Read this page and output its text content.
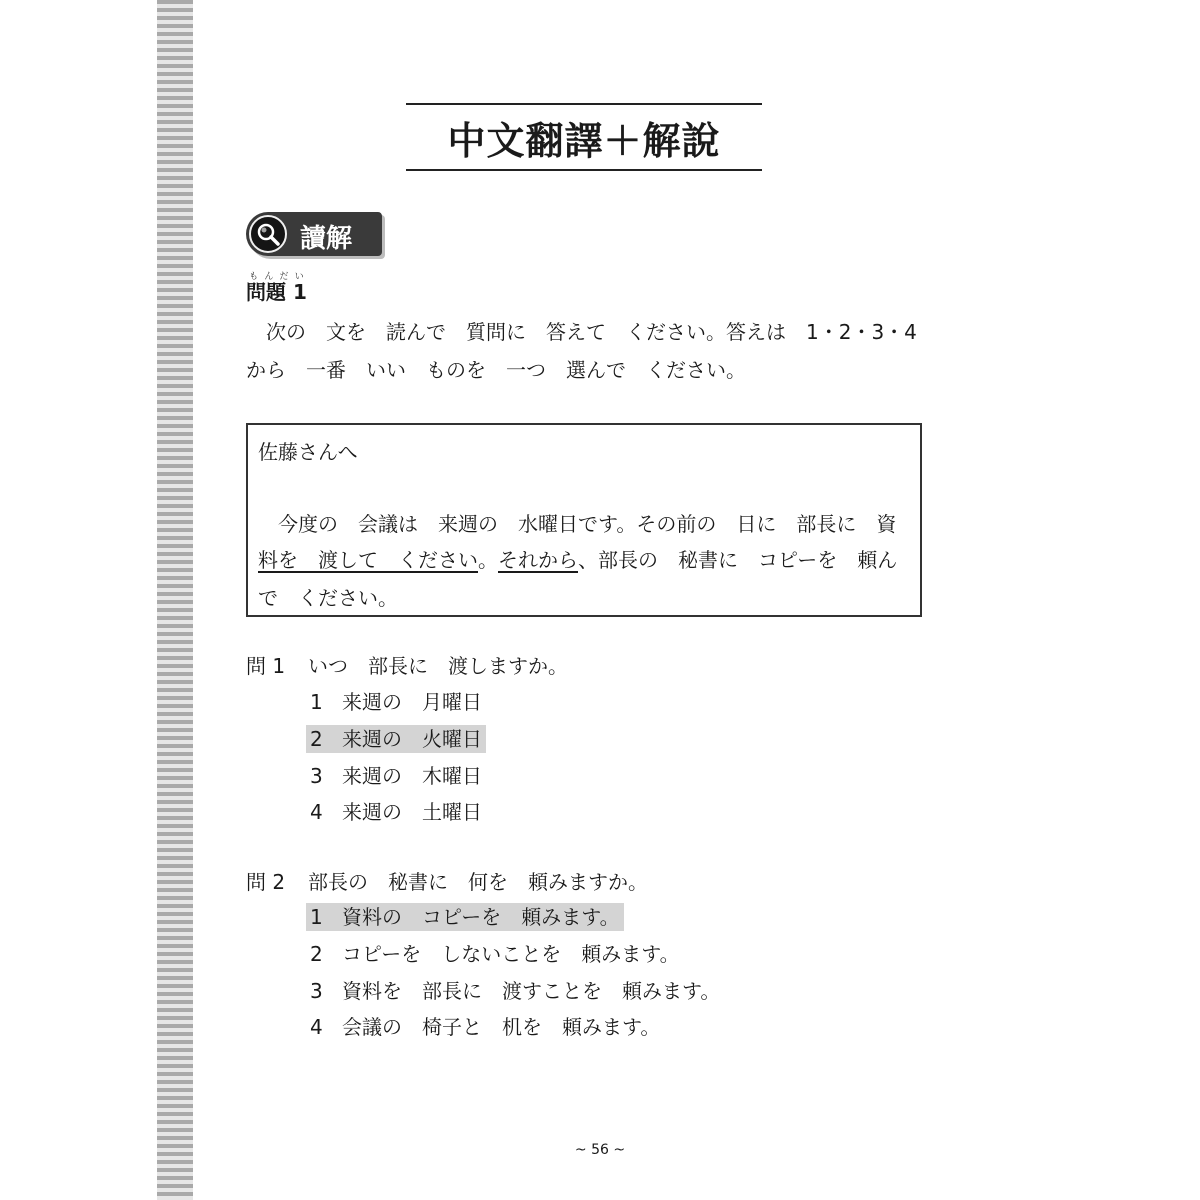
中文翻譯＋解說
讀解
問題 1もんだい
次の　文を　読んで　質問に　答えて　ください。答えは　1・2・3・4
から　一番　いい　ものを　一つ　選んで　ください。
佐藤さんへ
今度の　会議は　来週の　水曜日です。その前の　日に　部長に　資
料を　渡して　ください。それから、部長の　秘書に　コピーを　頼ん
で　ください。
問 1 いつ　部長に　渡しますか。
1 来週の　月曜日
2 来週の　火曜日
3 来週の　木曜日
4 来週の　土曜日
問 2 部長の　秘書に　何を　頼みますか。
1 資料の　コピーを　頼みます。
2 コピーを　しないことを　頼みます。
3 資料を　部長に　渡すことを　頼みます。
4 会議の　椅子と　机を　頼みます。
~ 56 ~
